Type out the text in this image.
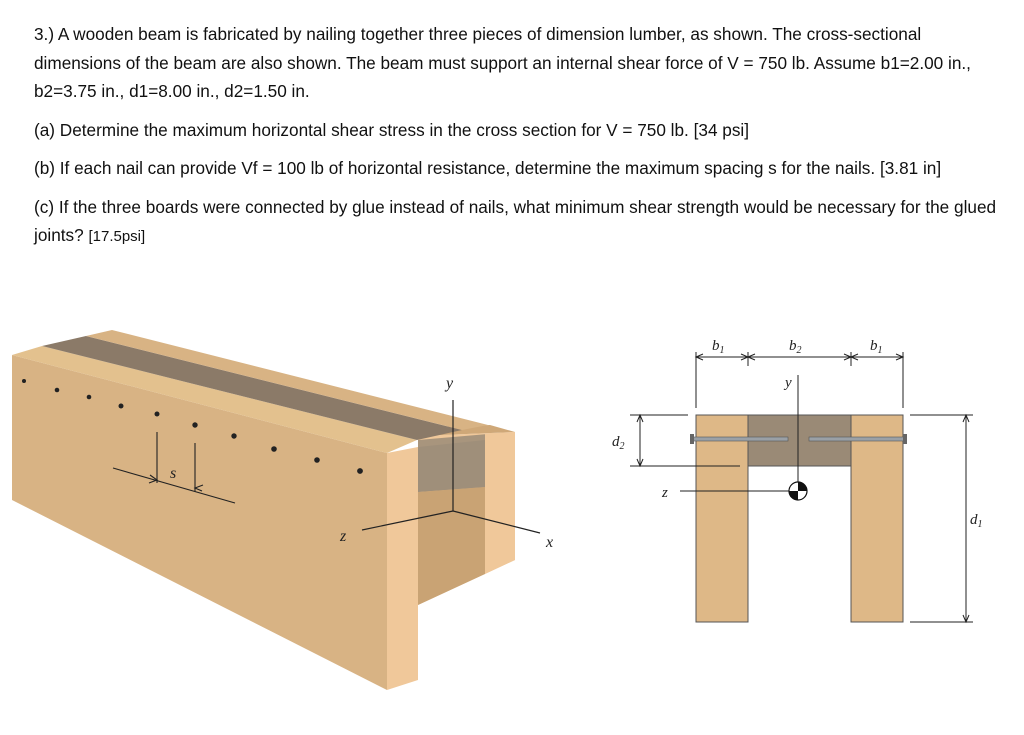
3.) A wooden beam is fabricated by nailing together three pieces of dimension lumber, as shown. The cross-sectional dimensions of the beam are also shown. The beam must support an internal shear force of V = 750 lb. Assume b1=2.00 in., b2=3.75 in., d1=8.00 in., d2=1.50 in.

(a) Determine the maximum horizontal shear stress in the cross section for V = 750 lb. [34 psi]

(b) If each nail can provide Vf = 100 lb of horizontal resistance, determine the maximum spacing s for the nails. [3.81 in]

(c) If the three boards were connected by glue instead of nails, what minimum shear strength would be necessary for the glued joints? [17.5psi]

s
y
z	x
$b_1$	$b_2$	$b_1$
$d_2$
$d_1$
y
z
